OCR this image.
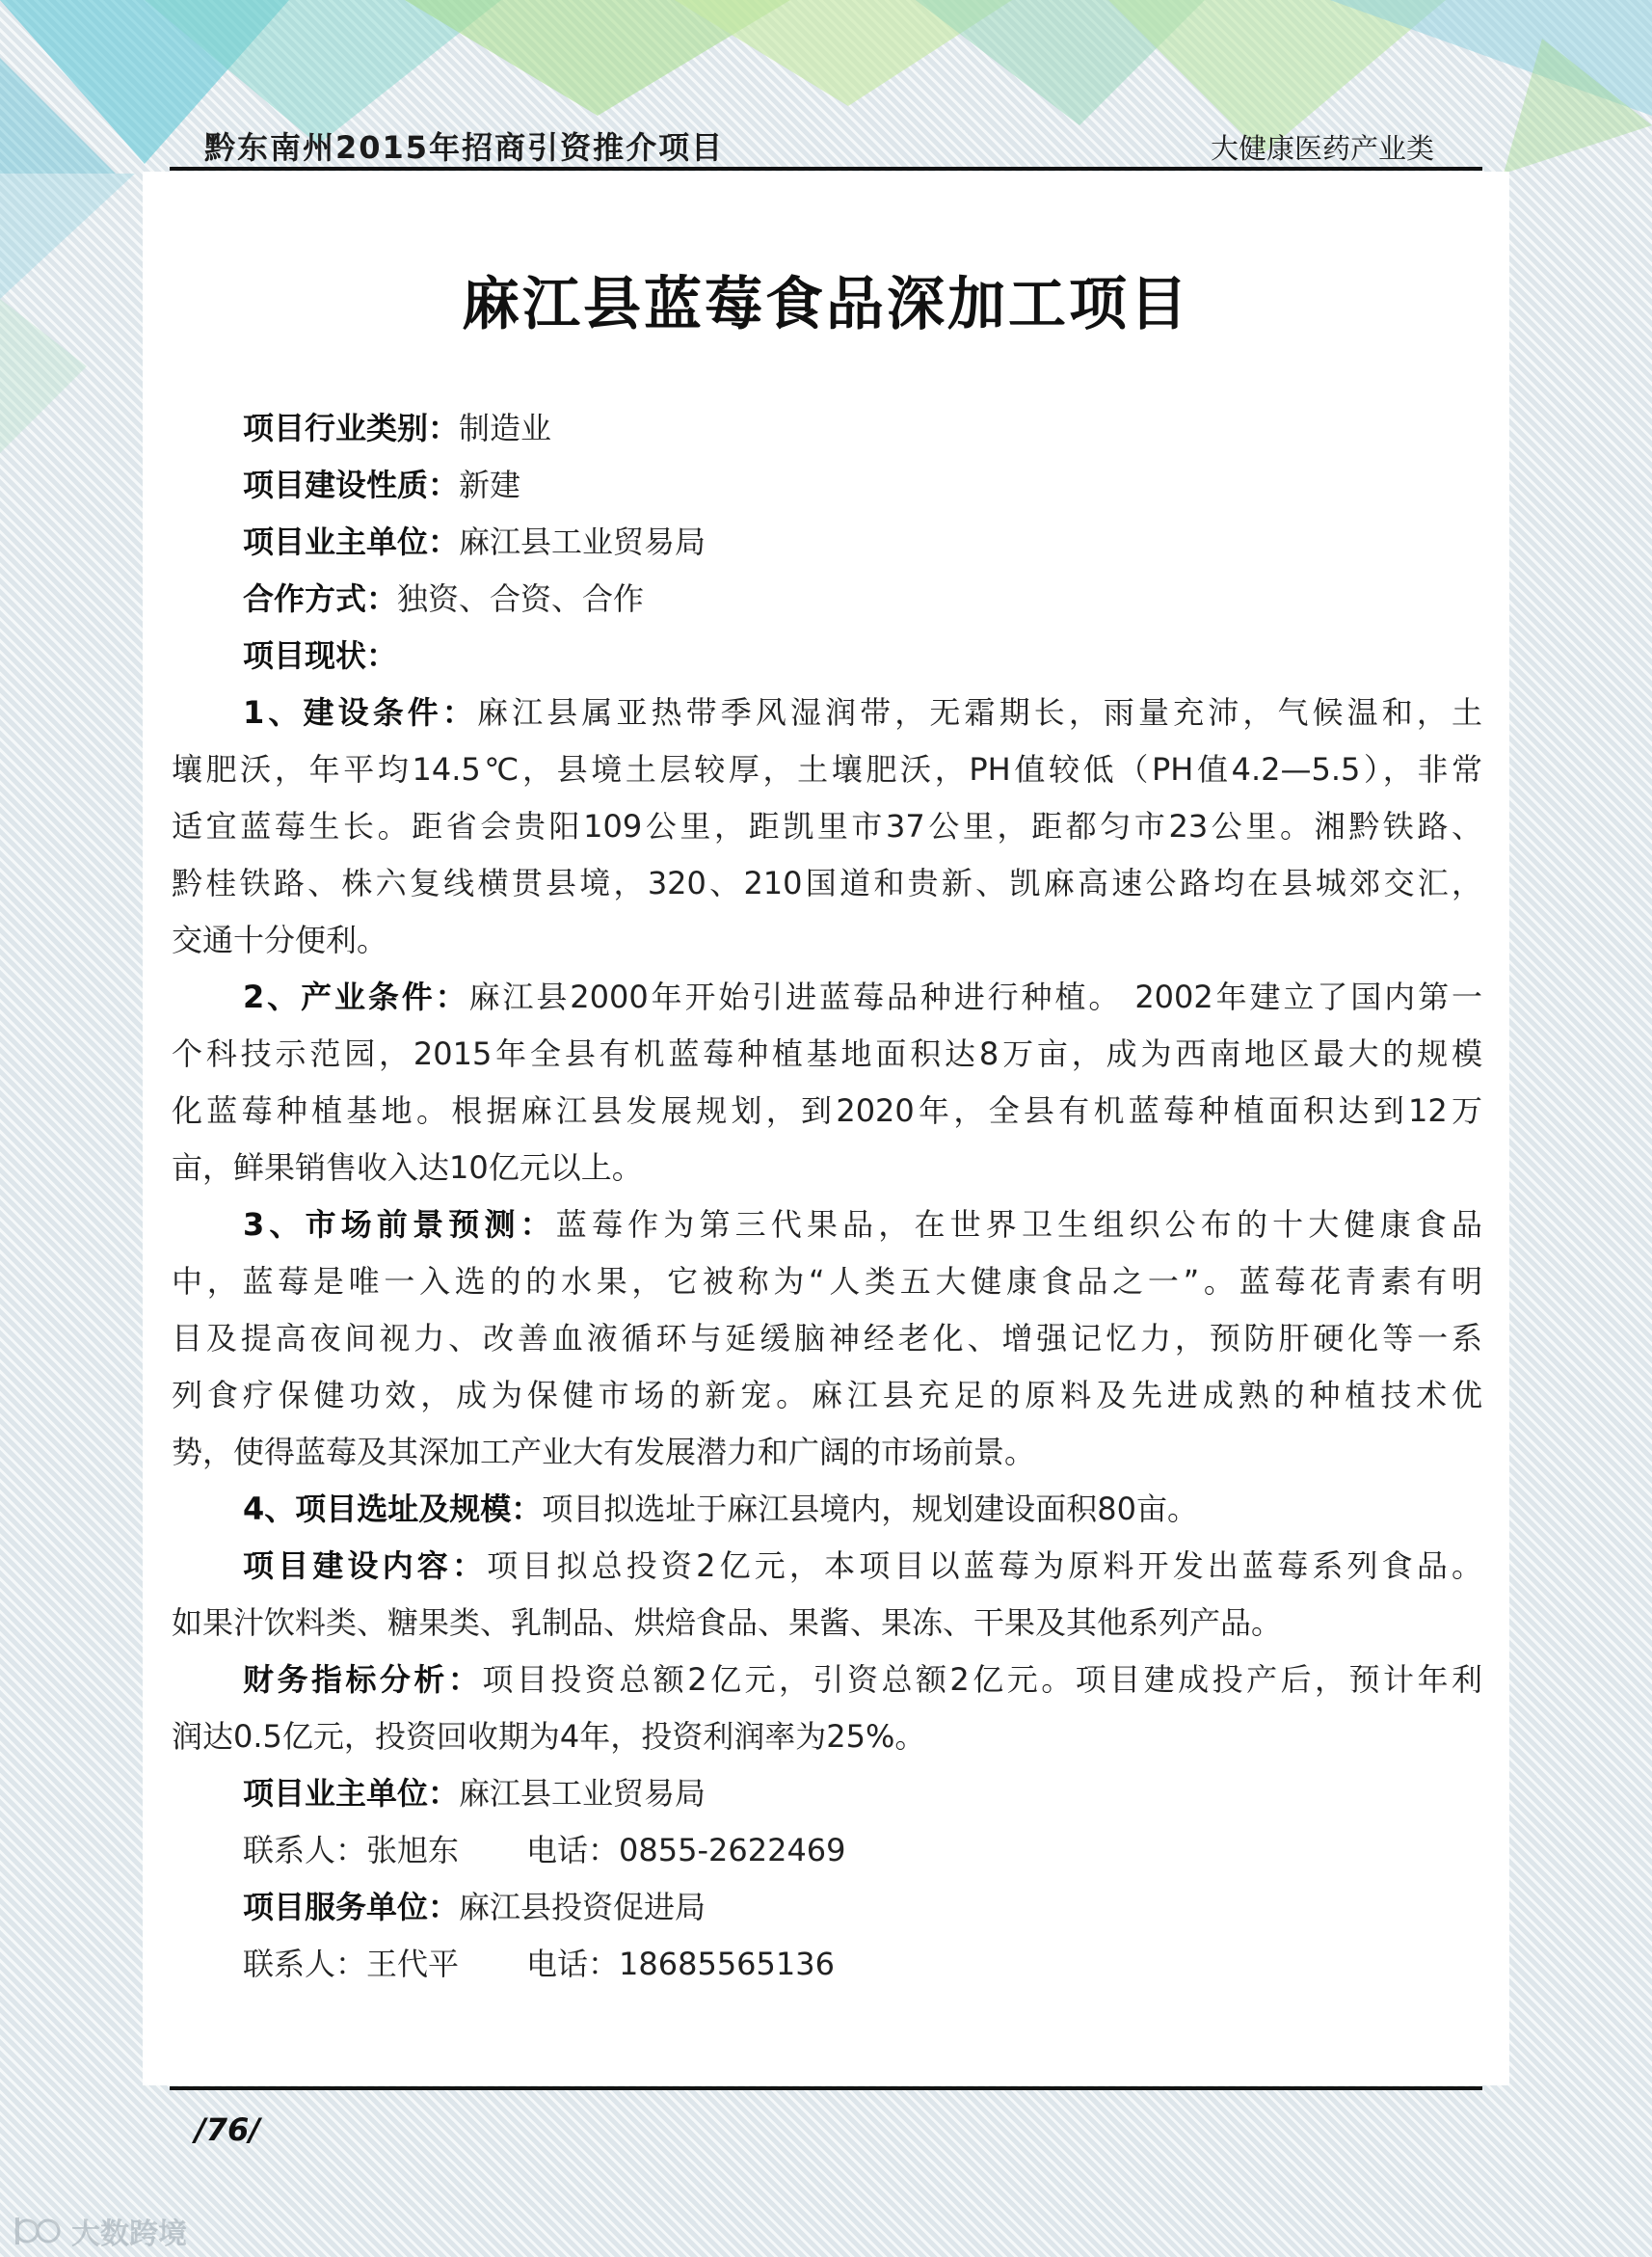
黔东南州2015年招商引资推介项目	大健康医药产业类
麻江县蓝莓食品深加工项目
项目行业类别：制造业
项目建设性质：新建
项目业主单位：麻江县工业贸易局
合作方式：独资、合资、合作
项目现状：
1、建设条件：麻江县属亚热带季风湿润带，无霜期长，雨量充沛，气候温和，土
壤肥沃，年平均14.5℃，县境土层较厚，土壤肥沃，PH值较低（PH值4.2—5.5），非常
适宜蓝莓生长。距省会贵阳109公里，距凯里市37公里，距都匀市23公里。湘黔铁路、
黔桂铁路、株六复线横贯县境，320、210国道和贵新、凯麻高速公路均在县城郊交汇，
交通十分便利。
2、产业条件：麻江县2000年开始引进蓝莓品种进行种植。 2002年建立了国内第一
个科技示范园，2015年全县有机蓝莓种植基地面积达8万亩，成为西南地区最大的规模
化蓝莓种植基地。根据麻江县发展规划，到2020年，全县有机蓝莓种植面积达到12万
亩，鲜果销售收入达10亿元以上。
3、市场前景预测：蓝莓作为第三代果品，在世界卫生组织公布的十大健康食品
中，蓝莓是唯一入选的的水果，它被称为“人类五大健康食品之一”。蓝莓花青素有明
目及提高夜间视力、改善血液循环与延缓脑神经老化、增强记忆力，预防肝硬化等一系
列食疗保健功效，成为保健市场的新宠。麻江县充足的原料及先进成熟的种植技术优
势，使得蓝莓及其深加工产业大有发展潜力和广阔的市场前景。
4、项目选址及规模：项目拟选址于麻江县境内，规划建设面积80亩。
项目建设内容：项目拟总投资2亿元，本项目以蓝莓为原料开发出蓝莓系列食品。
如果汁饮料类、糖果类、乳制品、烘焙食品、果酱、果冻、干果及其他系列产品。
财务指标分析：项目投资总额2亿元，引资总额2亿元。项目建成投产后，预计年利
润达0.5亿元，投资回收期为4年，投资利润率为25%。
项目业主单位：麻江县工业贸易局
联系人：张旭东 电话：0855-2622469
项目服务单位：麻江县投资促进局
联系人：王代平 电话：18685565136
/76/
大数跨境
